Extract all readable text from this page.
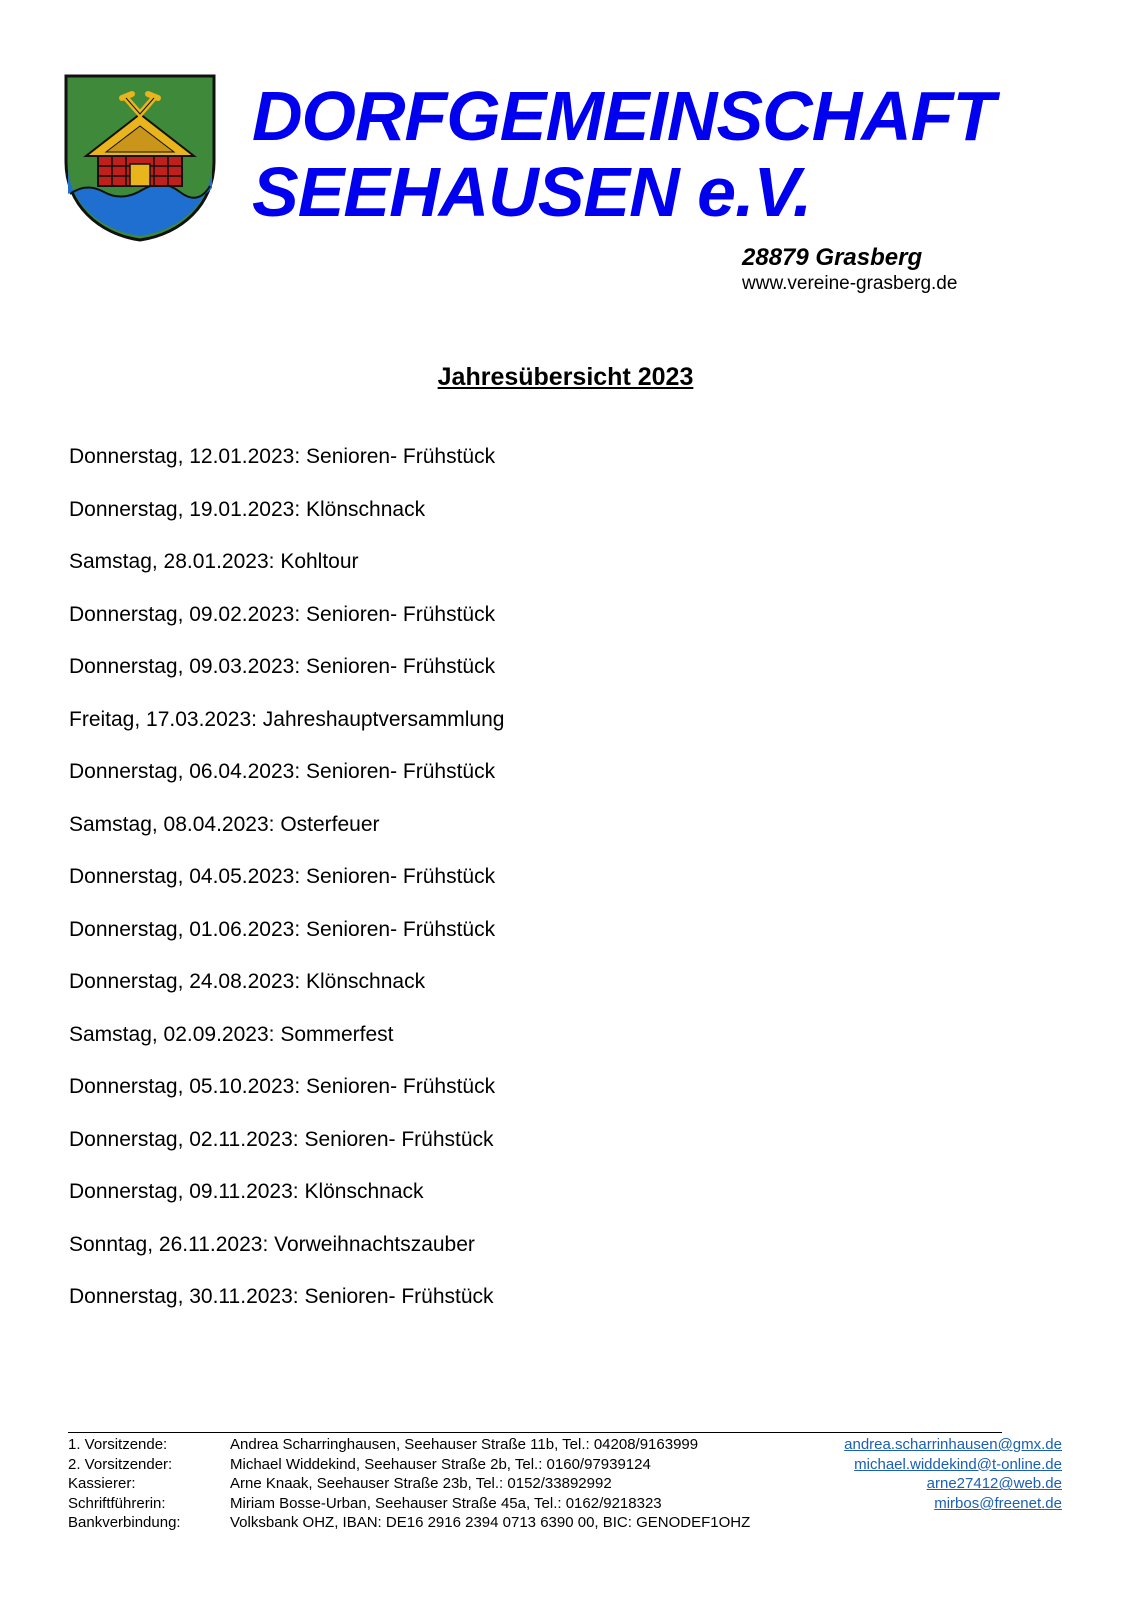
DORFGEMEINSCHAFT
SEEHAUSEN e.V.
28879 Grasberg
www.vereine-grasberg.de
Jahresübersicht 2023
Donnerstag, 12.01.2023: Senioren- Frühstück
Donnerstag, 19.01.2023: Klönschnack
Samstag, 28.01.2023: Kohltour
Donnerstag, 09.02.2023: Senioren- Frühstück
Donnerstag, 09.03.2023: Senioren- Frühstück
Freitag, 17.03.2023: Jahreshauptversammlung
Donnerstag, 06.04.2023: Senioren- Frühstück
Samstag, 08.04.2023: Osterfeuer
Donnerstag, 04.05.2023: Senioren- Frühstück
Donnerstag, 01.06.2023: Senioren- Frühstück
Donnerstag, 24.08.2023: Klönschnack
Samstag, 02.09.2023: Sommerfest
Donnerstag, 05.10.2023: Senioren- Frühstück
Donnerstag, 02.11.2023: Senioren- Frühstück
Donnerstag, 09.11.2023: Klönschnack
Sonntag, 26.11.2023: Vorweihnachtszauber
Donnerstag, 30.11.2023: Senioren- Frühstück
1. Vorsitzende:	Andrea Scharringhausen, Seehauser Straße 11b, Tel.: 04208/9163999	andrea.scharrinhausen@gmx.de
2. Vorsitzender:	Michael Widdekind, Seehauser Straße 2b, Tel.: 0160/97939124	michael.widdekind@t-online.de
Kassierer:	Arne Knaak, Seehauser Straße 23b, Tel.: 0152/33892992	arne27412@web.de
Schriftführerin:	Miriam Bosse-Urban, Seehauser Straße 45a, Tel.: 0162/9218323	mirbos@freenet.de
Bankverbindung:	Volksbank OHZ, IBAN: DE16 2916 2394 0713 6390 00, BIC: GENODEF1OHZ
